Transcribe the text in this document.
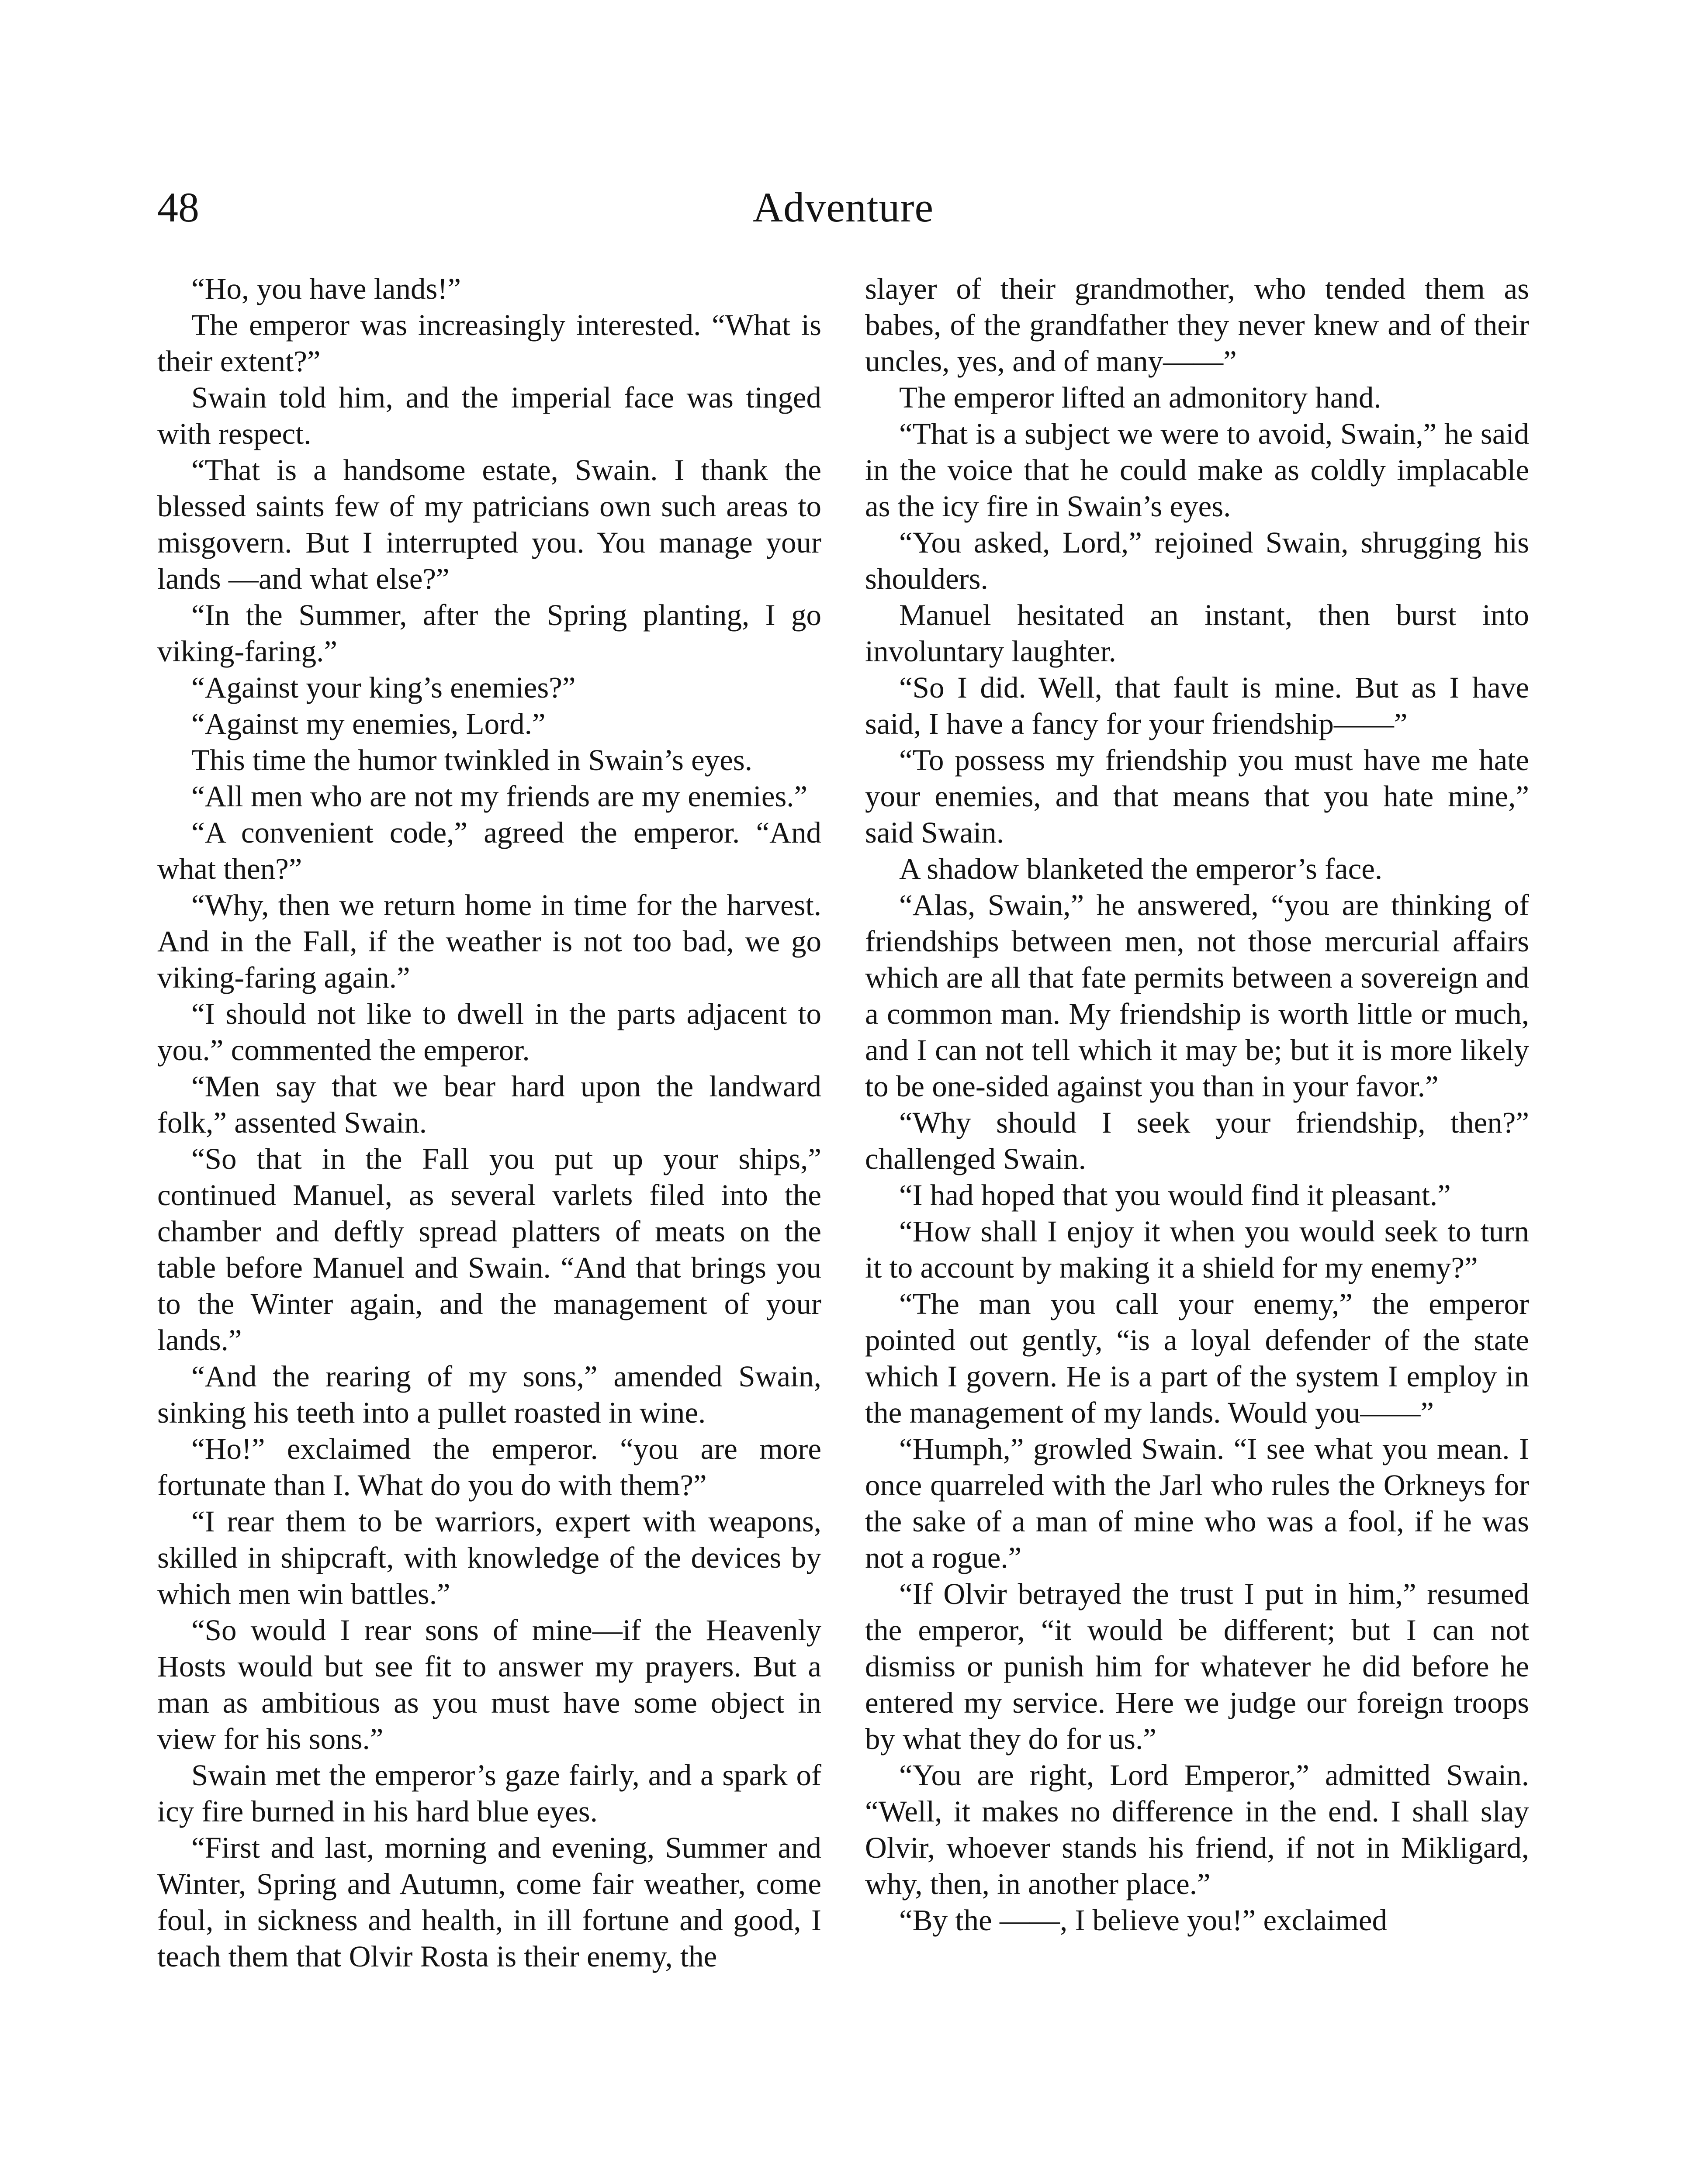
48	Adventure

“Ho, you have lands!”

The emperor was increasingly interested. “What is their extent?”

Swain told him, and the imperial face was tinged with respect.

“That is a handsome estate, Swain. I thank the blessed saints few of my patricians own such areas to misgovern. But I interrupted you. You manage your lands —and what else?”

“In the Summer, after the Spring planting, I go viking-faring.”

“Against your king’s enemies?”

“Against my enemies, Lord.”

This time the humor twinkled in Swain’s eyes.

“All men who are not my friends are my enemies.”

“A convenient code,” agreed the emperor. “And what then?”

“Why, then we return home in time for the harvest. And in the Fall, if the weather is not too bad, we go viking-faring again.”

“I should not like to dwell in the parts adjacent to you.” commented the emperor.

“Men say that we bear hard upon the landward folk,” assented Swain.

“So that in the Fall you put up your ships,” continued Manuel, as several varlets filed into the chamber and deftly spread platters of meats on the table before Manuel and Swain. “And that brings you to the Winter again, and the management of your lands.”

“And the rearing of my sons,” amended Swain, sinking his teeth into a pullet roasted in wine.

“Ho!” exclaimed the emperor. “you are more fortunate than I. What do you do with them?”

“I rear them to be warriors, expert with weapons, skilled in shipcraft, with knowledge of the devices by which men win battles.”

“So would I rear sons of mine—if the Heavenly Hosts would but see fit to answer my prayers. But a man as ambitious as you must have some object in view for his sons.”

Swain met the emperor’s gaze fairly, and a spark of icy fire burned in his hard blue eyes.

“First and last, morning and evening, Summer and Winter, Spring and Autumn, come fair weather, come foul, in sickness and health, in ill fortune and good, I teach them that Olvir Rosta is their enemy, the

slayer of their grandmother, who tended them as babes, of the grandfather they never knew and of their uncles, yes, and of many——”

The emperor lifted an admonitory hand.

“That is a subject we were to avoid, Swain,” he said in the voice that he could make as coldly implacable as the icy fire in Swain’s eyes.

“You asked, Lord,” rejoined Swain, shrugging his shoulders.

Manuel hesitated an instant, then burst into involuntary laughter.

“So I did. Well, that fault is mine. But as I have said, I have a fancy for your friendship——”

“To possess my friendship you must have me hate your enemies, and that means that you hate mine,” said Swain.

A shadow blanketed the emperor’s face.

“Alas, Swain,” he answered, “you are thinking of friendships between men, not those mercurial affairs which are all that fate permits between a sovereign and a common man. My friendship is worth little or much, and I can not tell which it may be; but it is more likely to be one-sided against you than in your favor.”

“Why should I seek your friendship, then?” challenged Swain.

“I had hoped that you would find it pleasant.”

“How shall I enjoy it when you would seek to turn it to account by making it a shield for my enemy?”

“The man you call your enemy,” the emperor pointed out gently, “is a loyal defender of the state which I govern. He is a part of the system I employ in the management of my lands. Would you——”

“Humph,” growled Swain. “I see what you mean. I once quarreled with the Jarl who rules the Orkneys for the sake of a man of mine who was a fool, if he was not a rogue.”

“If Olvir betrayed the trust I put in him,” resumed the emperor, “it would be different; but I can not dismiss or punish him for whatever he did before he entered my service. Here we judge our foreign troops by what they do for us.”

“You are right, Lord Emperor,” admitted Swain. “Well, it makes no difference in the end. I shall slay Olvir, whoever stands his friend, if not in Mikligard, why, then, in another place.”

“By the ——, I believe you!” exclaimed
